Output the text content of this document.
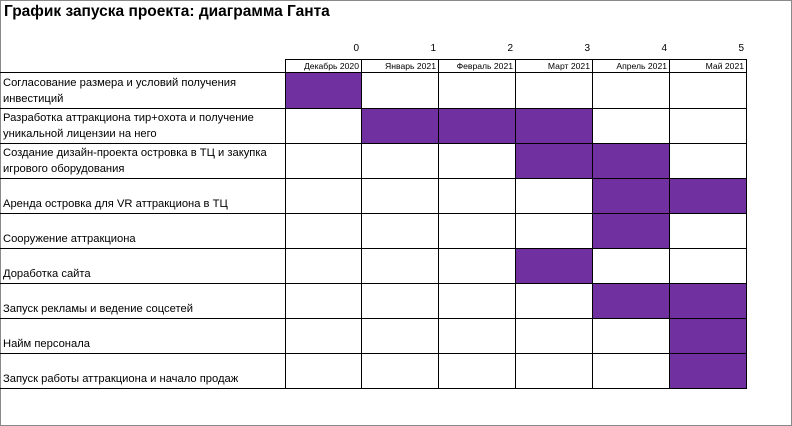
График запуска проекта: диаграмма Ганта
0	1	2	3	4	5
Декабрь 2020	Январь 2021	Февраль 2021	Март 2021	Апрель 2021	Май 2021
Согласование размера и условий получения инвестиций
Разработка аттракциона тир+охота и получение уникальной лицензии на него
Создание дизайн-проекта островка в ТЦ и закупка игрового оборудования
Аренда островка для VR аттракциона в ТЦ
Сооружение аттракциона
Доработка сайта
Запуск рекламы и ведение соцсетей
Найм персонала
Запуск работы аттракциона и начало продаж
